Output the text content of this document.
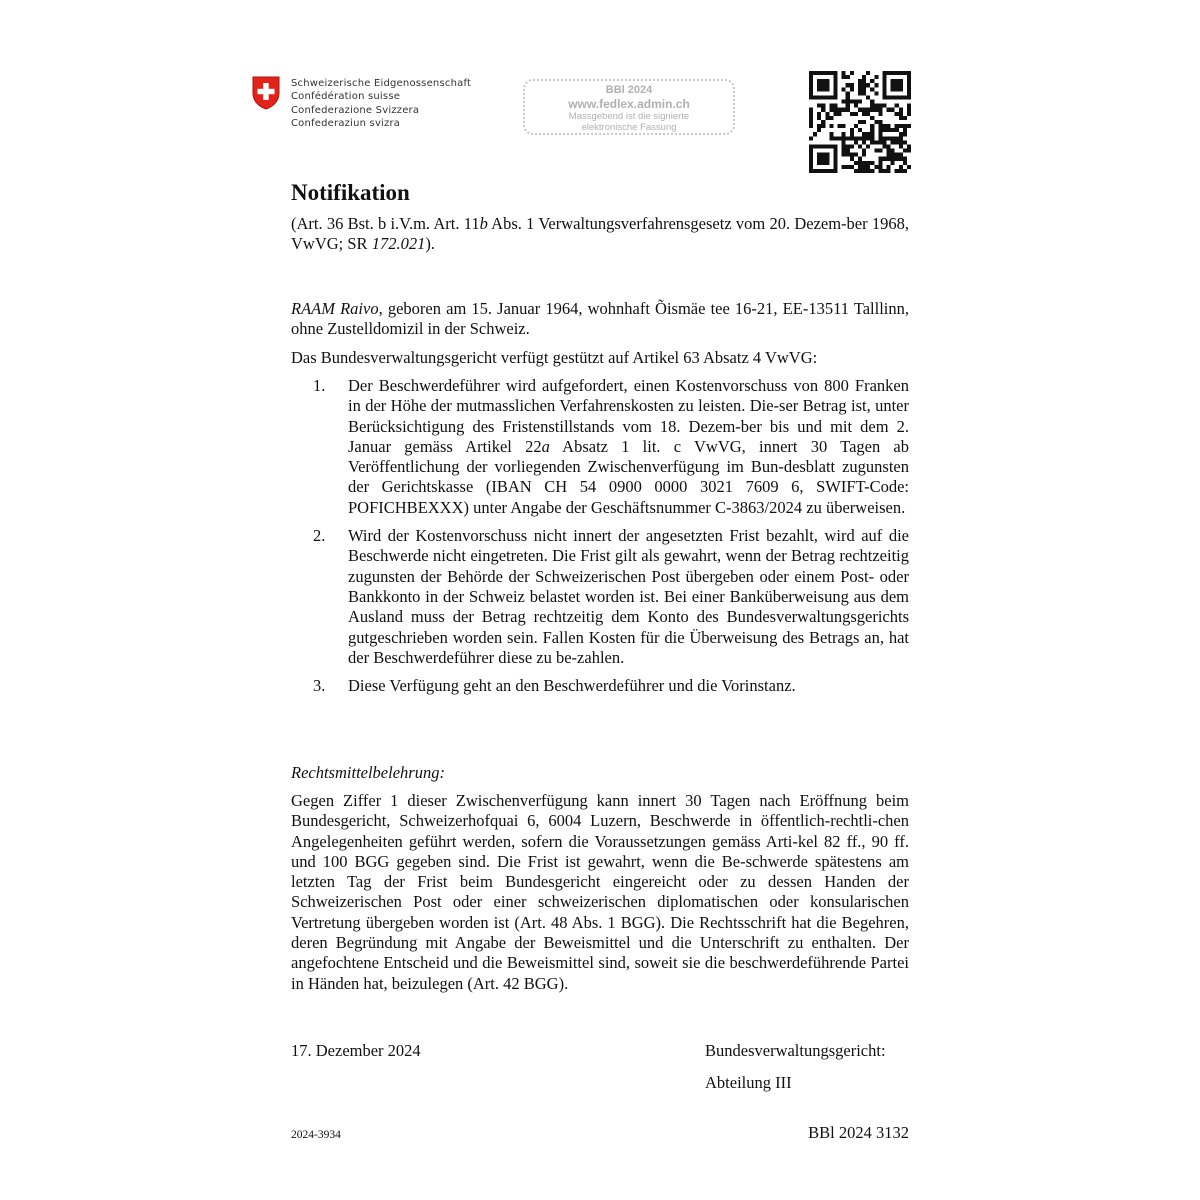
Schweizerische Eidgenossenschaft
Confédération suisse
Confederazione Svizzera
Confederaziun svizra
BBl 2024
www.fedlex.admin.ch
Massgebend ist die signierte
elektronische Fassung
Notifikation
(Art. 36 Bst. b i.V.m. Art. 11b Abs. 1 Verwaltungsverfahrensgesetz vom 20. Dezem-ber 1968, VwVG; SR 172.021).
RAAM Raivo, geboren am 15. Januar 1964, wohnhaft Õismäe tee 16-21, EE-13511 Talllinn, ohne Zustelldomizil in der Schweiz.
Das Bundesverwaltungsgericht verfügt gestützt auf Artikel 63 Absatz 4 VwVG:
1. Der Beschwerdeführer wird aufgefordert, einen Kostenvorschuss von 800 Franken in der Höhe der mutmasslichen Verfahrenskosten zu leisten. Die-ser Betrag ist, unter Berücksichtigung des Fristenstillstands vom 18. Dezem-ber bis und mit dem 2. Januar gemäss Artikel 22a Absatz 1 lit. c VwVG, innert 30 Tagen ab Veröffentlichung der vorliegenden Zwischenverfügung im Bun-desblatt zugunsten der Gerichtskasse (IBAN CH 54 0900 0000 3021 7609 6, SWIFT-Code: POFICHBEXXX) unter Angabe der Geschäftsnummer C-3863/2024 zu überweisen.
2. Wird der Kostenvorschuss nicht innert der angesetzten Frist bezahlt, wird auf die Beschwerde nicht eingetreten. Die Frist gilt als gewahrt, wenn der Betrag rechtzeitig zugunsten der Behörde der Schweizerischen Post übergeben oder einem Post- oder Bankkonto in der Schweiz belastet worden ist. Bei einer Banküberweisung aus dem Ausland muss der Betrag rechtzeitig dem Konto des Bundesverwaltungsgerichts gutgeschrieben worden sein. Fallen Kosten für die Überweisung des Betrags an, hat der Beschwerdeführer diese zu be-zahlen.
3. Diese Verfügung geht an den Beschwerdeführer und die Vorinstanz.
Rechtsmittelbelehrung:
Gegen Ziffer 1 dieser Zwischenverfügung kann innert 30 Tagen nach Eröffnung beim Bundesgericht, Schweizerhofquai 6, 6004 Luzern, Beschwerde in öffentlich-rechtli-chen Angelegenheiten geführt werden, sofern die Voraussetzungen gemäss Arti-kel 82 ff., 90 ff. und 100 BGG gegeben sind. Die Frist ist gewahrt, wenn die Be-schwerde spätestens am letzten Tag der Frist beim Bundesgericht eingereicht oder zu dessen Handen der Schweizerischen Post oder einer schweizerischen diplomatischen oder konsularischen Vertretung übergeben worden ist (Art. 48 Abs. 1 BGG). Die Rechtsschrift hat die Begehren, deren Begründung mit Angabe der Beweismittel und die Unterschrift zu enthalten. Der angefochtene Entscheid und die Beweismittel sind, soweit sie die beschwerdeführende Partei in Händen hat, beizulegen (Art. 42 BGG).
17. Dezember 2024	Bundesverwaltungsgericht:
Abteilung III
2024-3934	BBl 2024 3132
